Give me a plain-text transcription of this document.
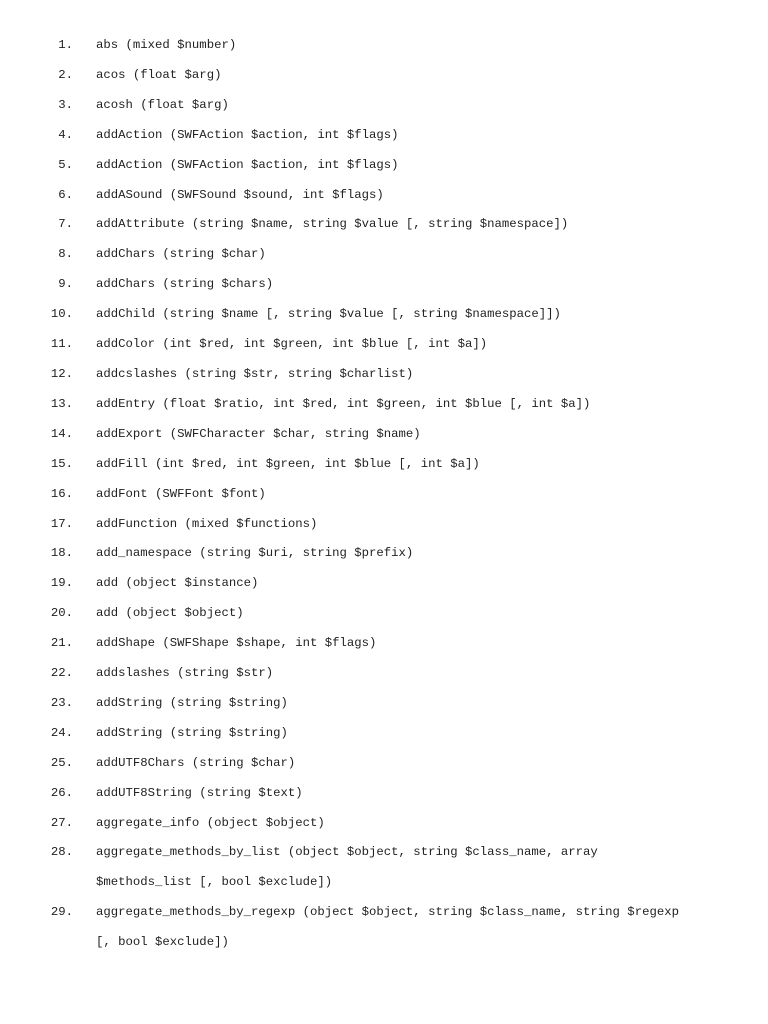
1. abs (mixed $number)
2. acos (float $arg)
3. acosh (float $arg)
4. addAction (SWFAction $action, int $flags)
5. addAction (SWFAction $action, int $flags)
6. addASound (SWFSound $sound, int $flags)
7. addAttribute (string $name, string $value [, string $namespace])
8. addChars (string $char)
9. addChars (string $chars)
10. addChild (string $name [, string $value [, string $namespace]])
11. addColor (int $red, int $green, int $blue [, int $a])
12. addcslashes (string $str, string $charlist)
13. addEntry (float $ratio, int $red, int $green, int $blue [, int $a])
14. addExport (SWFCharacter $char, string $name)
15. addFill (int $red, int $green, int $blue [, int $a])
16. addFont (SWFFont $font)
17. addFunction (mixed $functions)
18. add_namespace (string $uri, string $prefix)
19. add (object $instance)
20. add (object $object)
21. addShape (SWFShape $shape, int $flags)
22. addslashes (string $str)
23. addString (string $string)
24. addString (string $string)
25. addUTF8Chars (string $char)
26. addUTF8String (string $text)
27. aggregate_info (object $object)
28. aggregate_methods_by_list (object $object, string $class_name, array
$methods_list [, bool $exclude])
29. aggregate_methods_by_regexp (object $object, string $class_name, string $regexp
[, bool $exclude])
